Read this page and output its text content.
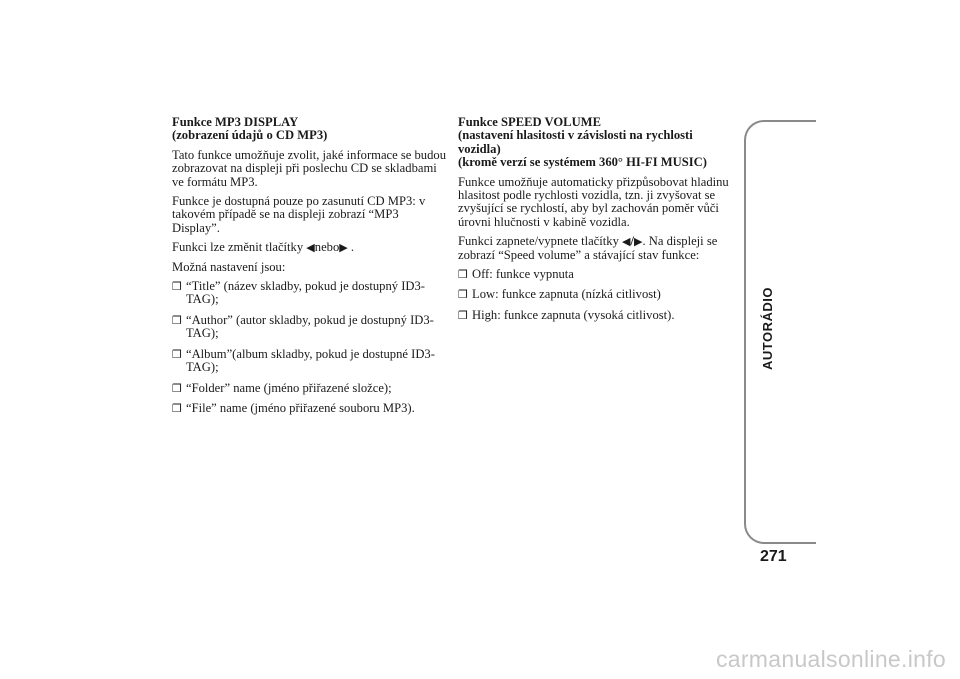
Funkce MP3 DISPLAY
(zobrazení údajů o CD MP3)

Tato funkce umožňuje zvolit, jaké informace se budou zobrazovat na displeji při poslechu CD se skladbami ve formátu MP3.

Funkce je dostupná pouze po zasunutí CD MP3: v takovém případě se na displeji zobrazí “MP3 Display”.

Funkci lze změnit tlačítky ◀nebo▶ .

Možná nastavení jsou:

❒ “Title” (název skladby, pokud je dostupný ID3-TAG);
❒ “Author” (autor skladby, pokud je dostupný ID3-TAG);
❒ “Album”(album skladby, pokud je dostupné ID3-TAG);
❒ “Folder” name (jméno přiřazené složce);
❒ “File” name (jméno přiřazené souboru MP3).
Funkce SPEED VOLUME
(nastavení hlasitosti v závislosti na rychlosti vozidla)
(kromě verzí se systémem 360° HI-FI MUSIC)

Funkce umožňuje automaticky přizpůsobovat hladinu hlasitost podle rychlosti vozidla, tzn. ji zvyšovat se zvyšující se rychlostí, aby byl zachován poměr vůči úrovni hlučnosti v kabině vozidla.

Funkci zapnete/vypnete tlačítky ◀/▶. Na displeji se zobrazí “Speed volume” a stávající stav funkce:

❒ Off: funkce vypnuta
❒ Low: funkce zapnuta (nízká citlivost)
❒ High: funkce zapnuta (vysoká citlivost).	AUTORÁDIO
271
carmanualsonline.info
